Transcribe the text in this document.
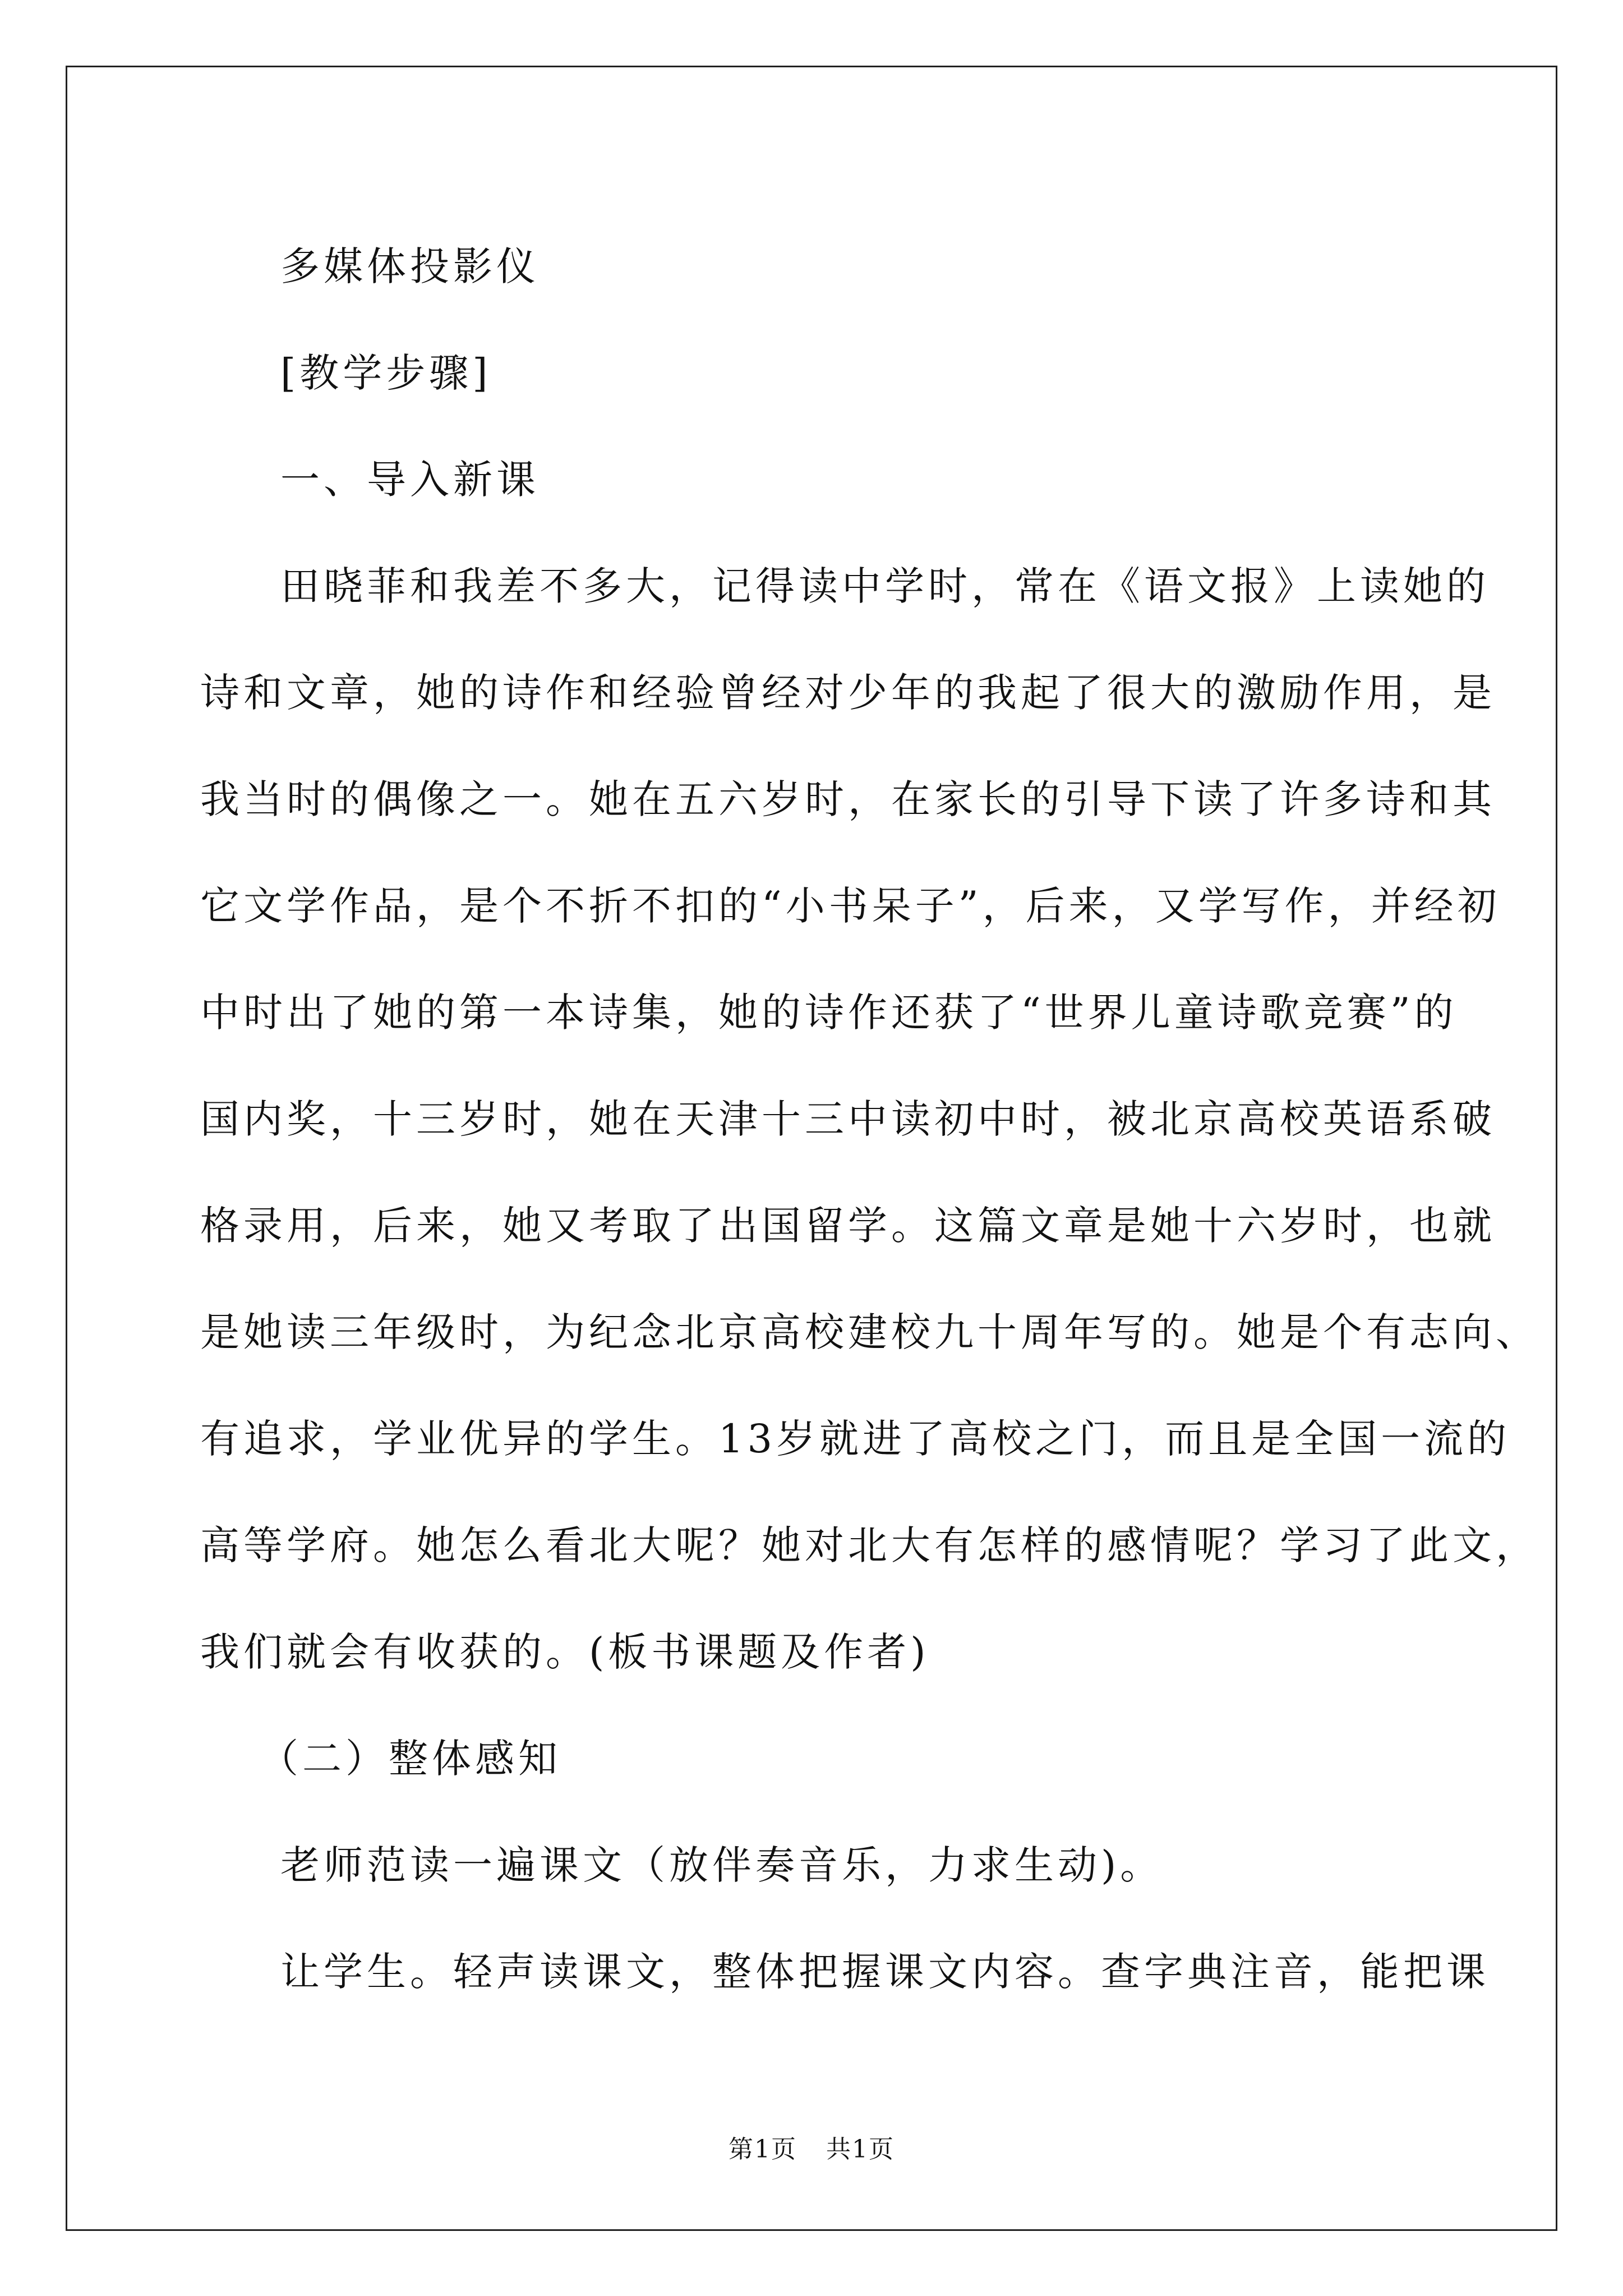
多媒体投影仪
[教学步骤]
一、导入新课
田晓菲和我差不多大，记得读中学时，常在《语文报》上读她的
诗和文章，她的诗作和经验曾经对少年的我起了很大的激励作用，是
我当时的偶像之一。她在五六岁时，在家长的引导下读了许多诗和其
它文学作品，是个不折不扣的“小书呆子”，后来，又学写作，并经初
中时出了她的第一本诗集，她的诗作还获了“世界儿童诗歌竞赛”的
国内奖，十三岁时，她在天津十三中读初中时，被北京高校英语系破
格录用，后来，她又考取了出国留学。这篇文章是她十六岁时，也就
是她读三年级时，为纪念北京高校建校九十周年写的。她是个有志向、
有追求，学业优异的学生。13岁就进了高校之门，而且是全国一流的
高等学府。她怎么看北大呢？她对北大有怎样的感情呢？学习了此文，
我们就会有收获的。(板书课题及作者)
（二）整体感知
老师范读一遍课文（放伴奏音乐，力求生动)。
让学生。轻声读课文，整体把握课文内容。查字典注音，能把课
第1页 共1页
